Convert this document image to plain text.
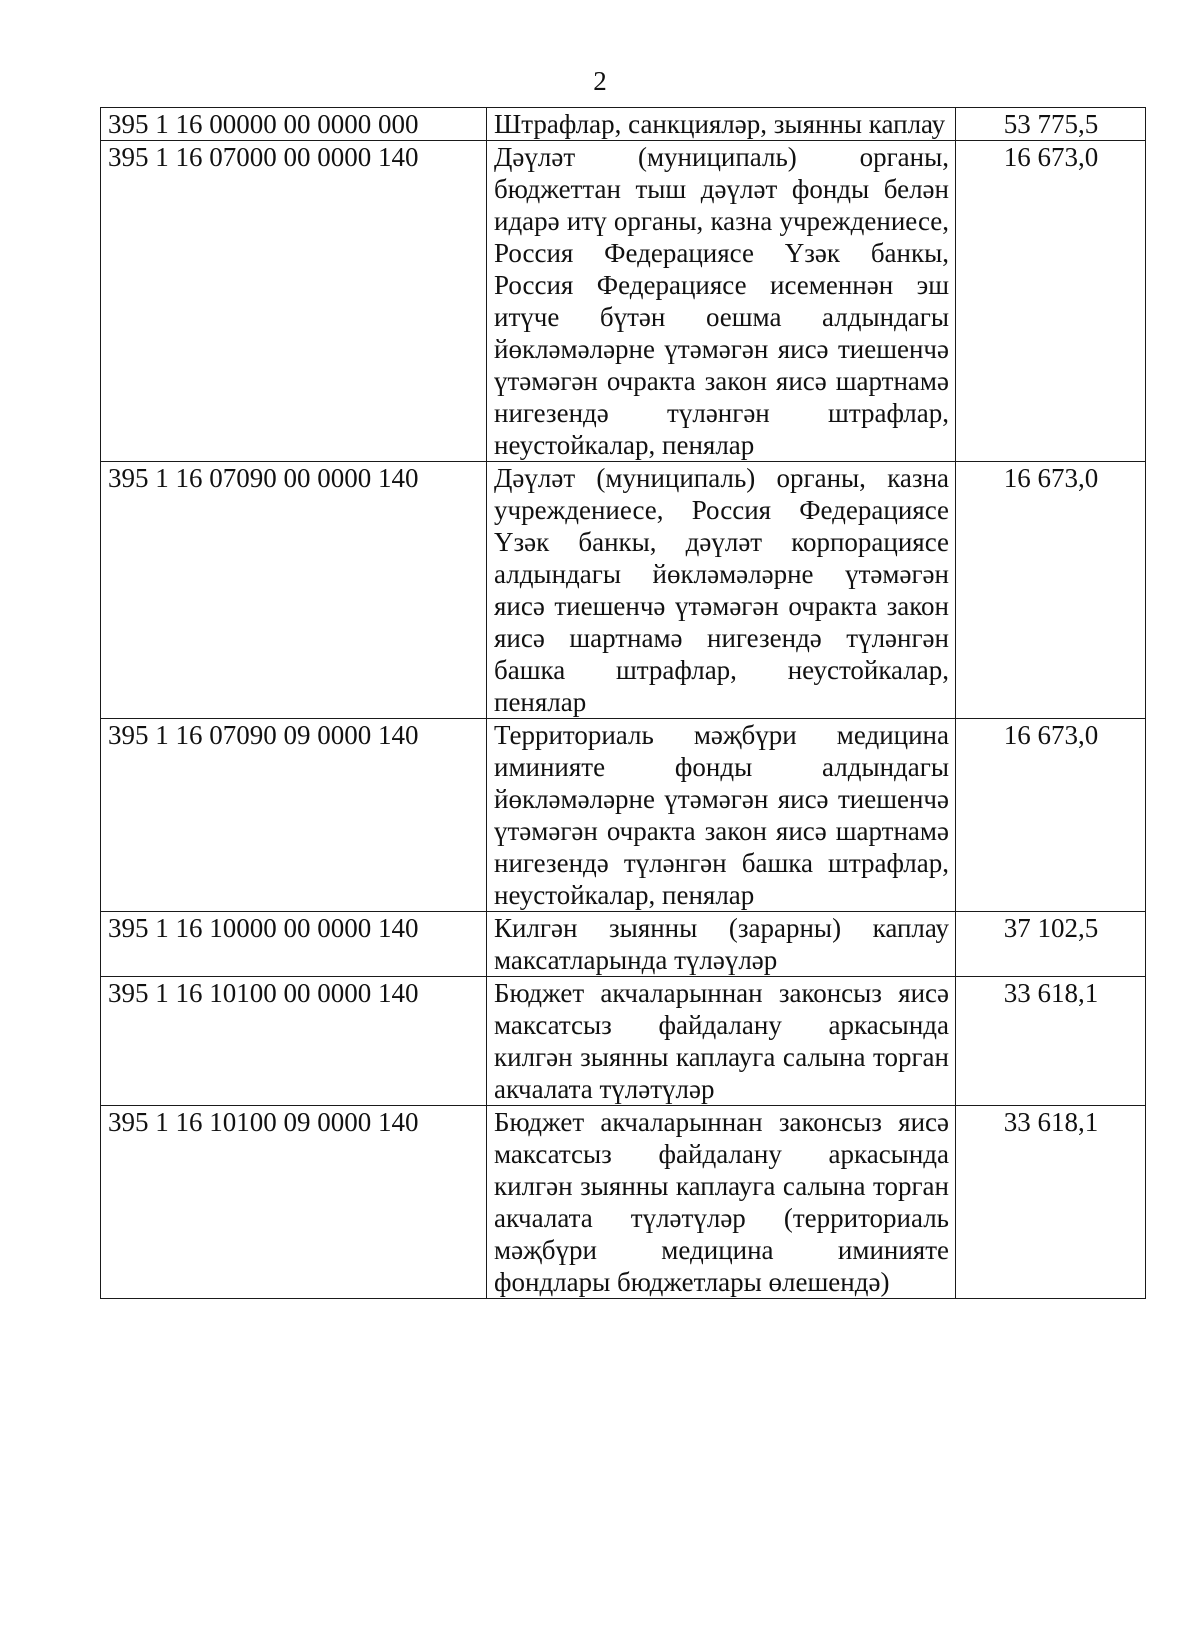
2
395 1 16 00000 00 0000 000	Штрафлар, санкцияләр, зыянны каплау	53 775,5
395 1 16 07000 00 0000 140	Дәүләт (муниципаль) органы, бюджеттан тыш дәүләт фонды белән идарә итү органы, казна учреждениесе, Россия Федерациясе Үзәк банкы, Россия Федерациясе исеменнән эш итүче бүтән оешма алдындагы йөкләмәләрне үтәмәгән яисә тиешенчә үтәмәгән очракта закон яисә шартнамә нигезендә түләнгән штрафлар, неустойкалар, пенялар	16 673,0
395 1 16 07090 00 0000 140	Дәүләт (муниципаль) органы, казна учреждениесе, Россия Федерациясе Үзәк банкы, дәүләт корпорациясе алдындагы йөкләмәләрне үтәмәгән яисә тиешенчә үтәмәгән очракта закон яисә шартнамә нигезендә түләнгән башка штрафлар, неустойкалар, пенялар	16 673,0
395 1 16 07090 09 0000 140	Территориаль мәҗбүри медицина иминияте фонды алдындагы йөкләмәләрне үтәмәгән яисә тиешенчә үтәмәгән очракта закон яисә шартнамә нигезендә түләнгән башка штрафлар, неустойкалар, пенялар	16 673,0
395 1 16 10000 00 0000 140	Килгән зыянны (зарарны) каплау максатларында түләүләр	37 102,5
395 1 16 10100 00 0000 140	Бюджет акчаларыннан законсыз яисә максатсыз файдалану аркасында килгән зыянны каплауга салына торган акчалата түләтүләр	33 618,1
395 1 16 10100 09 0000 140	Бюджет акчаларыннан законсыз яисә максатсыз файдалану аркасында килгән зыянны каплауга салына торган акчалата түләтүләр (территориаль мәҗбүри медицина иминияте фондлары бюджетлары өлешендә)	33 618,1
